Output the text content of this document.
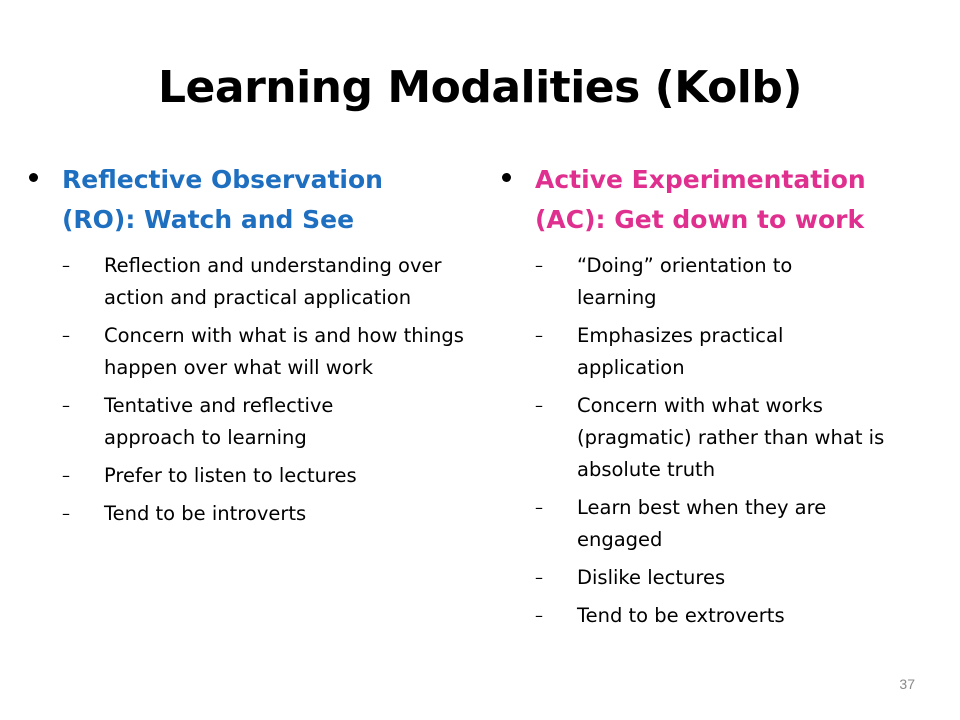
Learning Modalities (Kolb)
Reflective Observation
(RO): Watch and See
–	Reflection and understanding over action and practical application
–	Concern with what is and how things happen over what will work
–	Tentative and reflective approach to learning
–	Prefer to listen to lectures
–	Tend to be introverts
Active Experimentation
(AC): Get down to work
–	“Doing” orientation to learning
–	Emphasizes practical application
–	Concern with what works (pragmatic) rather than what is absolute truth
–	Learn best when they are engaged
–	Dislike lectures
–	Tend to be extroverts
37
